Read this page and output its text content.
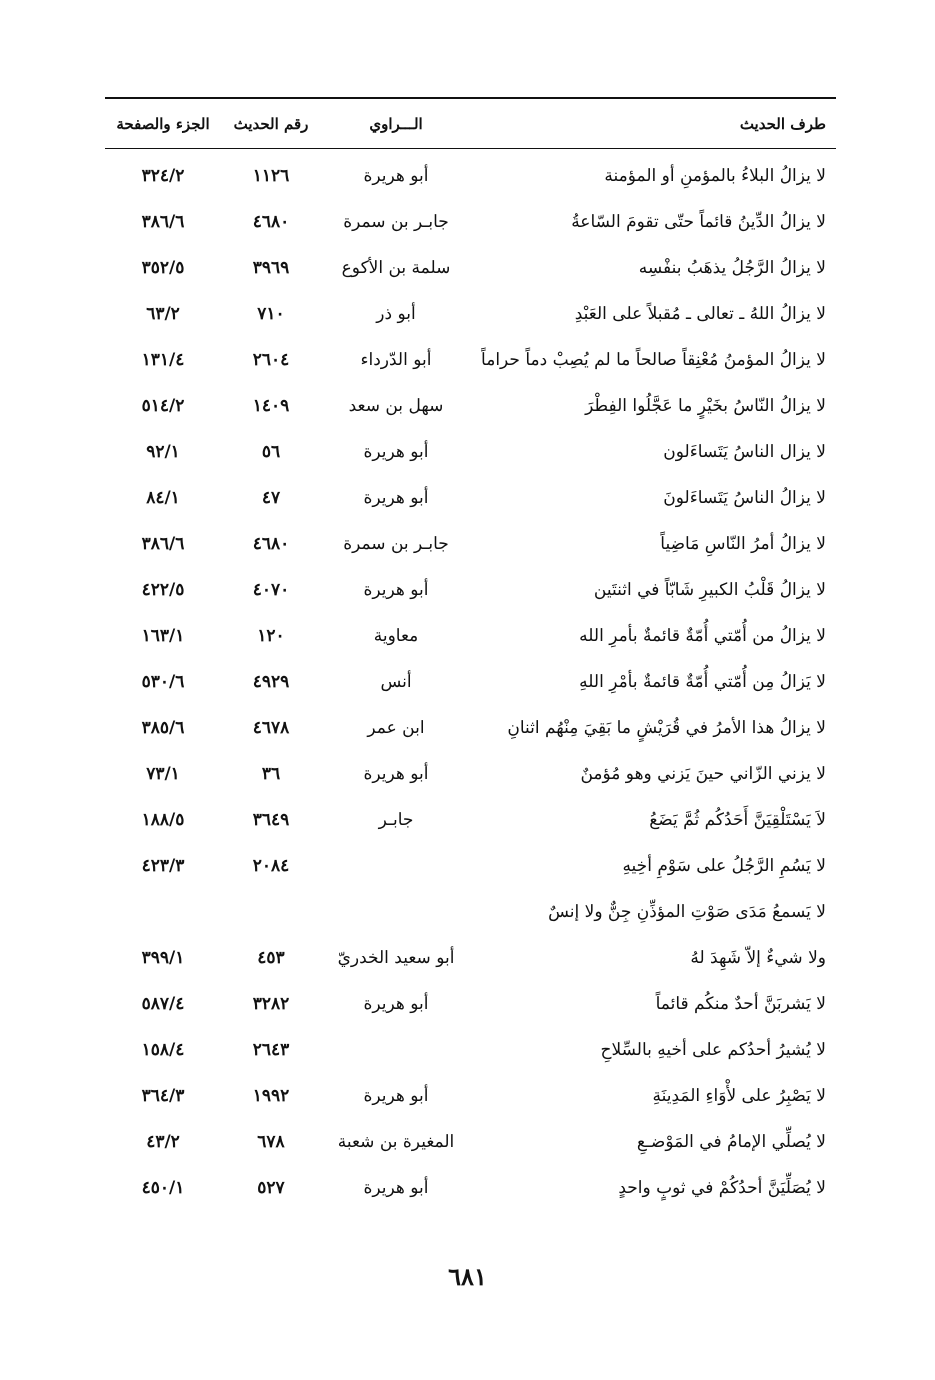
طرف الحديث
الـــراوي
رقم الحديث
الجزء والصفحة
لا يزالُ البلاءُ بالمؤمنِ أو المؤمنة
أبو هريرة
١١٢٦
٣٢٤/٢
لا يزالُ الدِّينُ قائماً حتّى تقومَ السّاعةُ
جابـر بن سمرة
٤٦٨٠
٣٨٦/٦
لا يزالُ الرَّجُلُ يذهَبُ بنفْسِه
سلمة بن الأكوع
٣٩٦٩
٣٥٢/٥
لا يزالُ اللهُ ـ تعالى ـ مُقبلاً على العَبْدِ
أبو ذر
٧١٠
٦٣/٢
لا يزالُ المؤمنُ مُعْنِقاً صالحاً ما لم يُصِبْ دماً حراماً
أبو الدّرداء
٢٦٠٤
١٣١/٤
لا يزالُ النّاسُ بخَيْرٍ ما عَجَّلُوا الفِطْرَ
سهل بن سعد
١٤٠٩
٥١٤/٢
لا يزال الناسُ يَتَساءَلون
أبو هريرة
٥٦
٩٢/١
لا يزالُ الناسُ يَتَساءَلونَ
أبو هريرة
٤٧
٨٤/١
لا يزالُ أمرُ النّاسِ مَاضِياً
جابـر بن سمرة
٤٦٨٠
٣٨٦/٦
لا يزالُ قَلْبُ الكبيرِ شَابّاً في اثنتَين
أبو هريرة
٤٠٧٠
٤٢٢/٥
لا يزالُ من أُمّتي أُمّةٌ قائمةٌ بأمرِ الله
معاوية
١٢٠
١٦٣/١
لا يَزالُ مِن أُمّتي أُمّةٌ قائمةٌ بأمْرِ اللهِ
أنس
٤٩٢٩
٥٣٠/٦
لا يزالُ هذا الأمرُ في قُرَيْشٍ ما بَقِيَ مِنْهُم اثنانِ
ابن عمر
٤٦٧٨
٣٨٥/٦
لا يزني الزّاني حينَ يَزني وهو مُؤمنٌ
أبو هريرة
٣٦
٧٣/١
لاَ يَسْتَلْقِيَنَّ أَحَدُكُم ثُمَّ يَضَعُ
جابـر
٣٦٤٩
١٨٨/٥
لا يَسُمِ الرَّجُلُ على سَوْمِ أخِيهِ
٢٠٨٤
٤٢٣/٣
لا يَسمعُ مَدَى صَوْتِ المؤذِّنِ جِنٌّ ولا إنسٌ
ولا شيءٌ إلاّ شَهِدَ لهُ
أبو سعيد الخدريّ
٤٥٣
٣٩٩/١
لا يَشربَنَّ أحدٌ منكُم قائماً
أبو هريرة
٣٢٨٢
٥٨٧/٤
لا يُشيرُ أحدُكم على أخيهِ بالسِّلاحِ
٢٦٤٣
١٥٨/٤
لا يَصْبِرُ على لأْوَاءِ المَدِينَةِ
أبو هريرة
١٩٩٢
٣٦٤/٣
لا يُصلِّي الإمامُ في المَوْضـعِ
المغيرة بن شعبة
٦٧٨
٤٣/٢
لا يُصَلِّيَنَّ أحدُكُمْ في ثوبٍ واحدٍ
أبو هريرة
٥٢٧
٤٥٠/١
٦٨١
